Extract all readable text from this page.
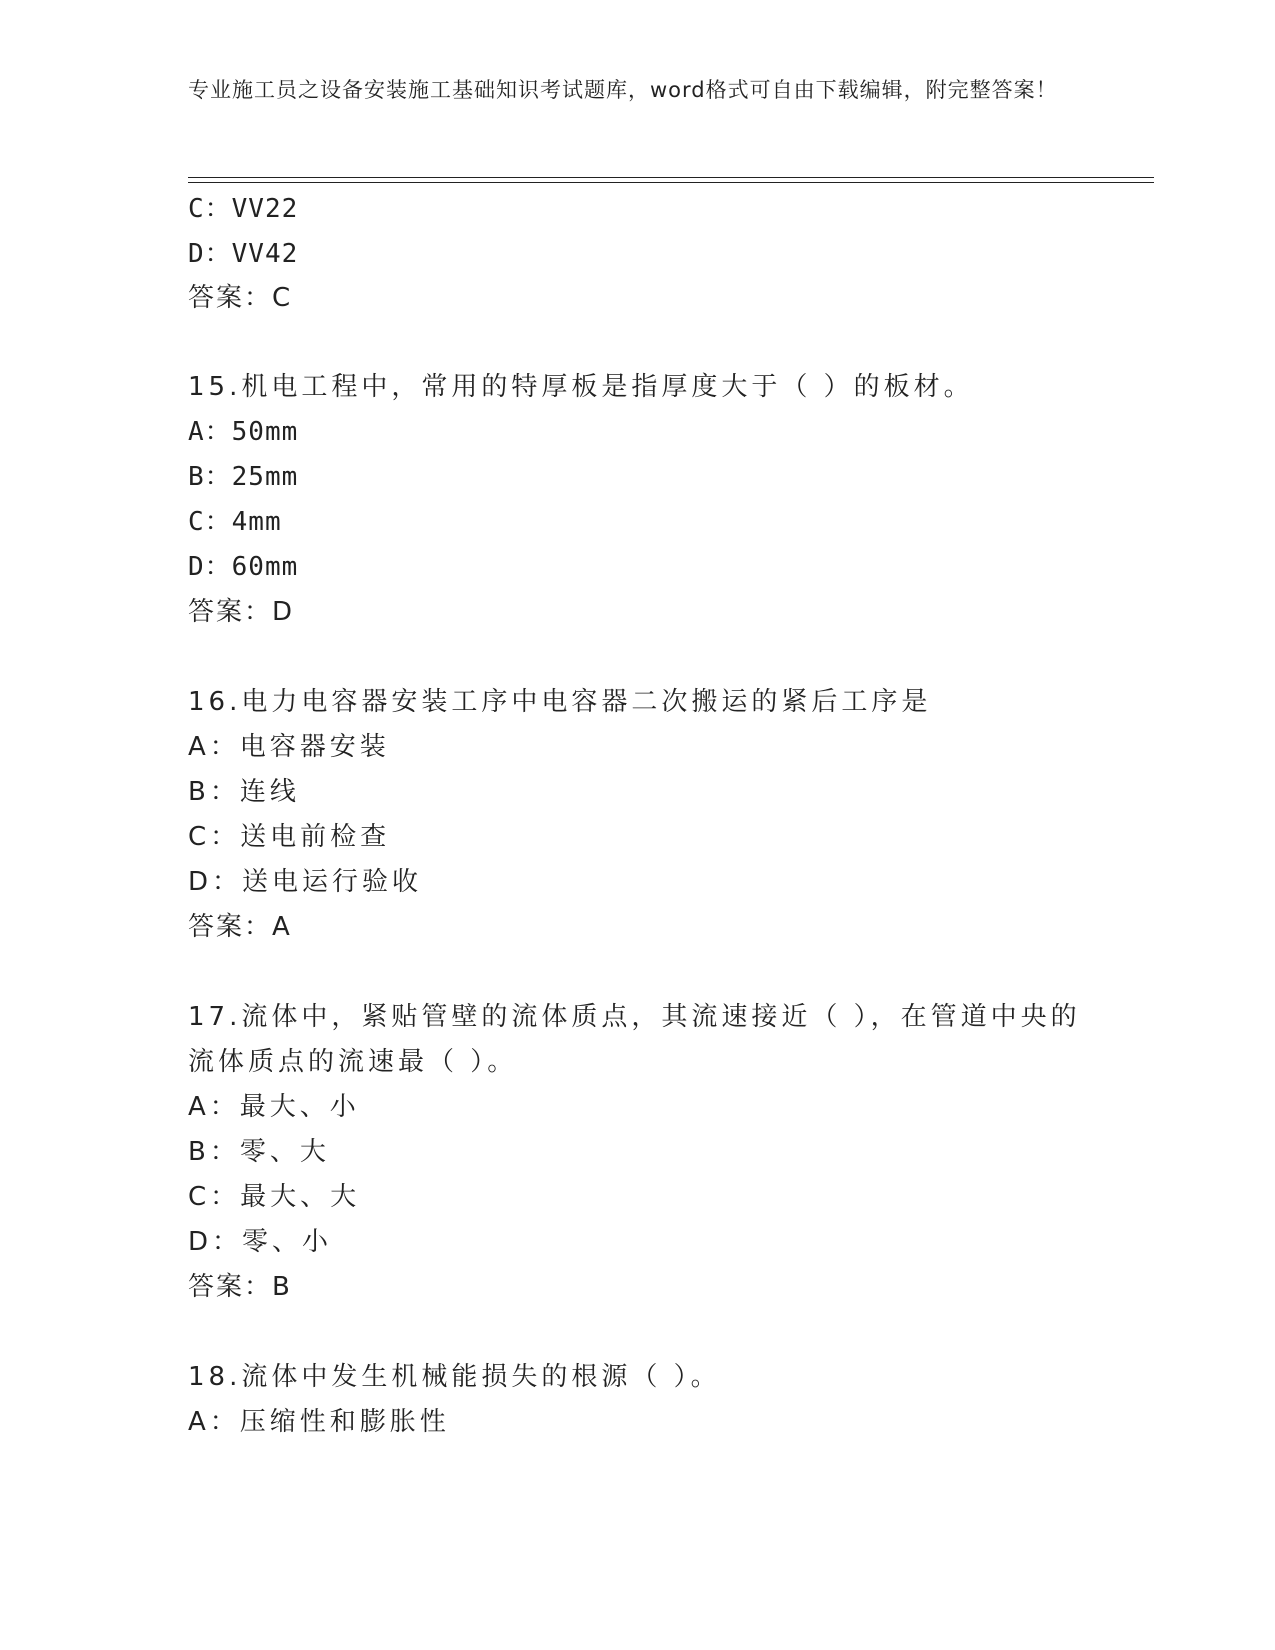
专业施工员之设备安装施工基础知识考试题库，word格式可自由下载编辑，附完整答案！
C：VV22
D：VV42
答案：C
15.机电工程中，常用的特厚板是指厚度大于（ ）的板材。
A：50mm
B：25mm
C：4mm
D：60mm
答案：D
16.电力电容器安装工序中电容器二次搬运的紧后工序是
A：电容器安装
B：连线
C：送电前检查
D：送电运行验收
答案：A
17.流体中，紧贴管壁的流体质点，其流速接近（ ），在管道中央的
流体质点的流速最（ ）。
A：最大、小
B：零、大
C：最大、大
D：零、小
答案：B
18.流体中发生机械能损失的根源（ ）。
A：压缩性和膨胀性
